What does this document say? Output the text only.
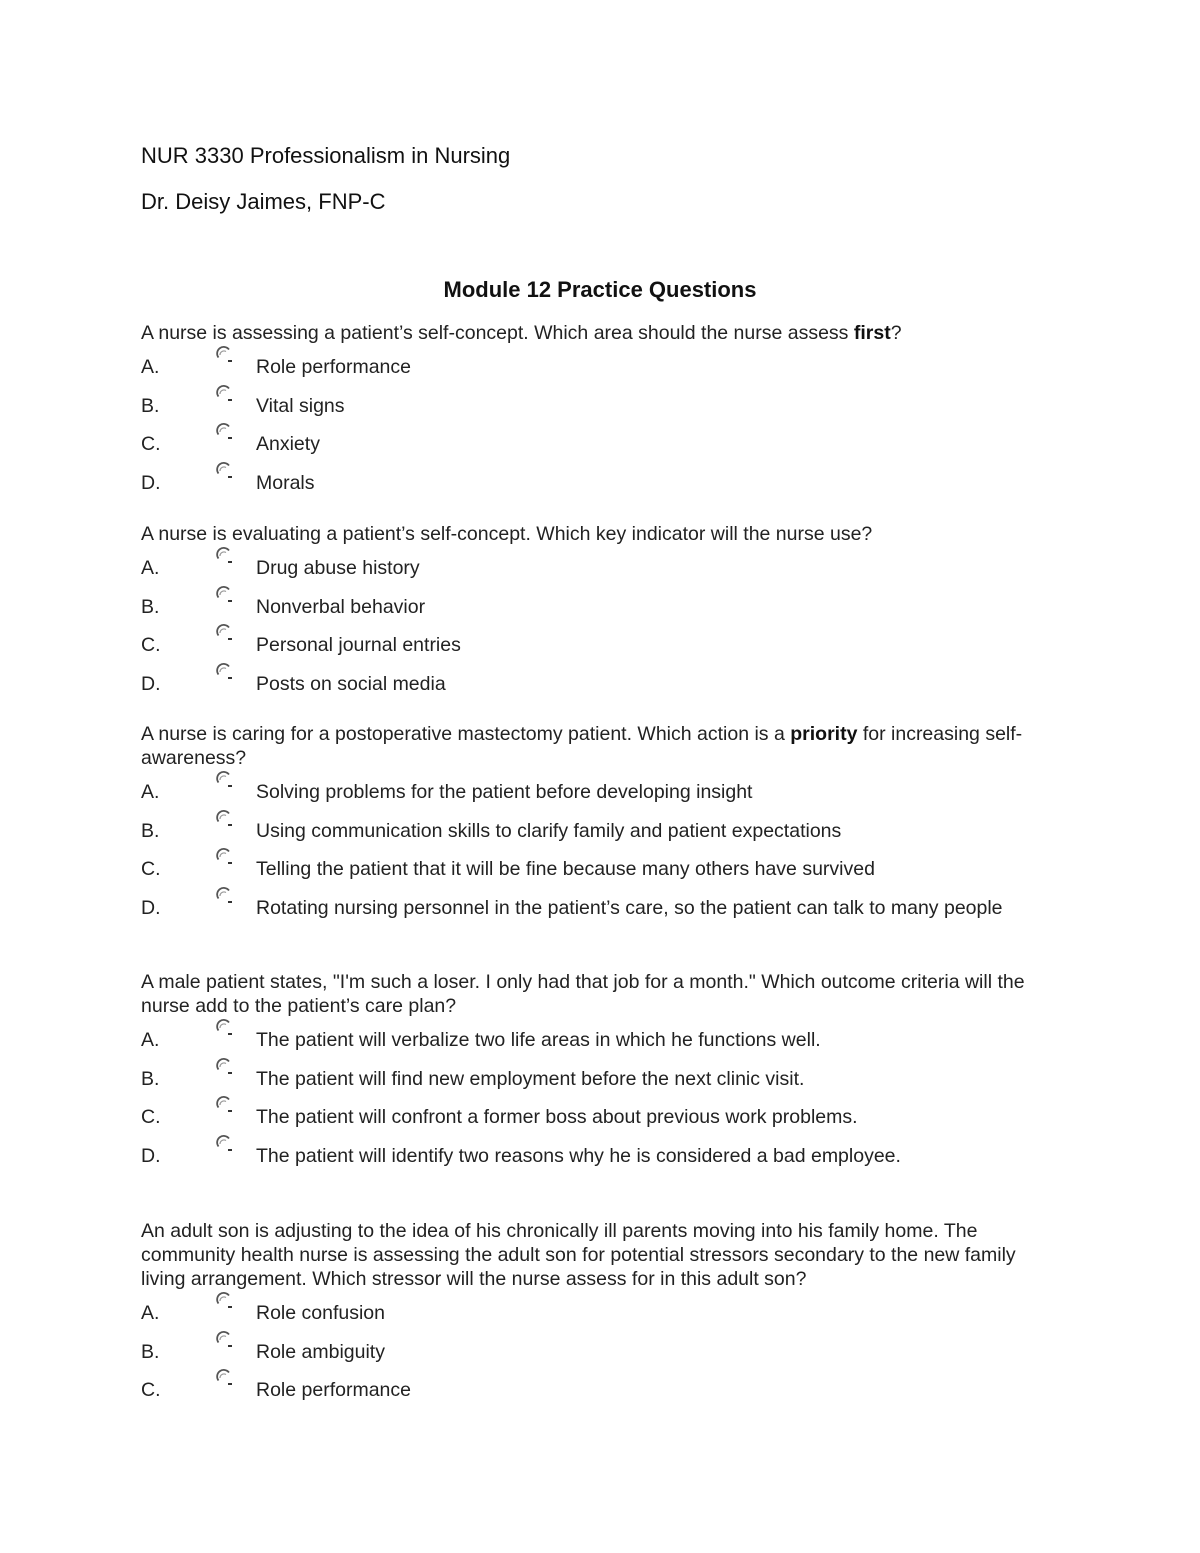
NUR 3330 Professionalism in Nursing
Dr. Deisy Jaimes, FNP-C
Module 12 Practice Questions

A nurse is assessing a patient’s self-concept. Which area should the nurse assess first?

A.	Role performance
B.	Vital signs
C.	Anxiety
D.	Morals

A nurse is evaluating a patient’s self-concept. Which key indicator will the nurse use?

A.	Drug abuse history
B.	Nonverbal behavior
C.	Personal journal entries
D.	Posts on social media

A nurse is caring for a postoperative mastectomy patient. Which action is a priority for increasing self-awareness?

A.	Solving problems for the patient before developing insight
B.	Using communication skills to clarify family and patient expectations
C.	Telling the patient that it will be fine because many others have survived
D.	Rotating nursing personnel in the patient’s care, so the patient can talk to many people

A male patient states, "I'm such a loser. I only had that job for a month." Which outcome criteria will the nurse add to the patient’s care plan?

A.	The patient will verbalize two life areas in which he functions well.
B.	The patient will find new employment before the next clinic visit.
C.	The patient will confront a former boss about previous work problems.
D.	The patient will identify two reasons why he is considered a bad employee.

An adult son is adjusting to the idea of his chronically ill parents moving into his family home. The community health nurse is assessing the adult son for potential stressors secondary to the new family living arrangement. Which stressor will the nurse assess for in this adult son?

A.	Role confusion
B.	Role ambiguity
C.	Role performance
